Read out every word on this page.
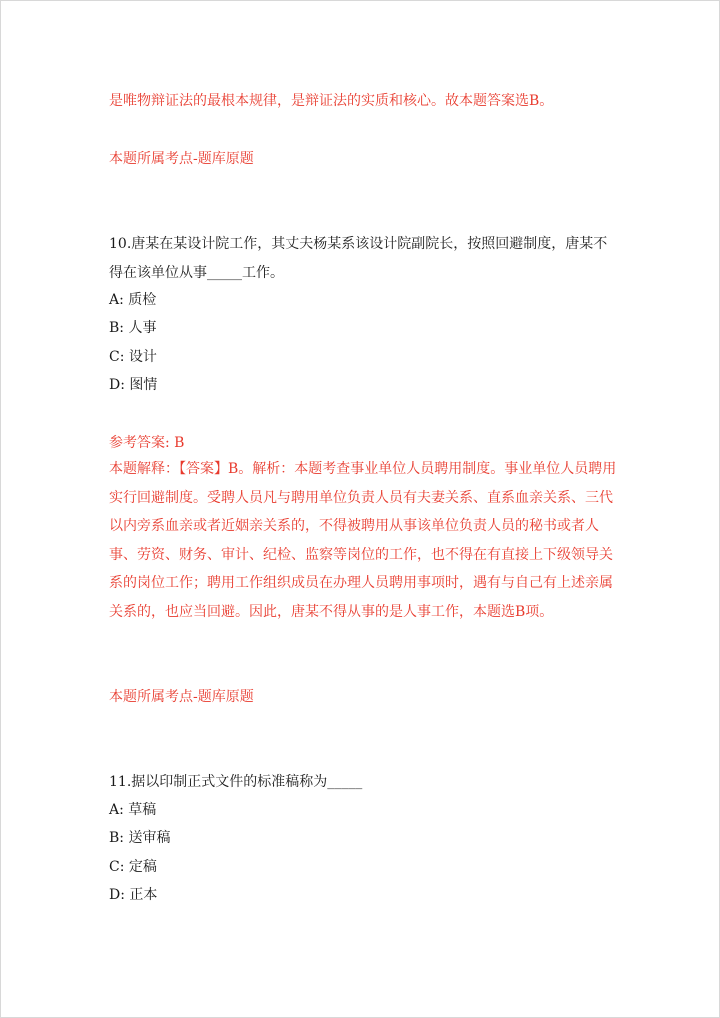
是唯物辩证法的最根本规律，是辩证法的实质和核心。故本题答案选B。
本题所属考点-题库原题
10.唐某在某设计院工作，其丈夫杨某系该设计院副院长，按照回避制度，唐某不得在该单位从事_____工作。
A: 质检
B: 人事
C: 设计
D: 图情
参考答案: B
本题解释：【答案】B。解析：本题考查事业单位人员聘用制度。事业单位人员聘用实行回避制度。受聘人员凡与聘用单位负责人员有夫妻关系、直系血亲关系、三代以内旁系血亲或者近姻亲关系的，不得被聘用从事该单位负责人员的秘书或者人事、劳资、财务、审计、纪检、监察等岗位的工作，也不得在有直接上下级领导关系的岗位工作；聘用工作组织成员在办理人员聘用事项时，遇有与自己有上述亲属关系的，也应当回避。因此，唐某不得从事的是人事工作，本题选B项。
本题所属考点-题库原题
11.据以印制正式文件的标准稿称为_____
A: 草稿
B: 送审稿
C: 定稿
D: 正本
